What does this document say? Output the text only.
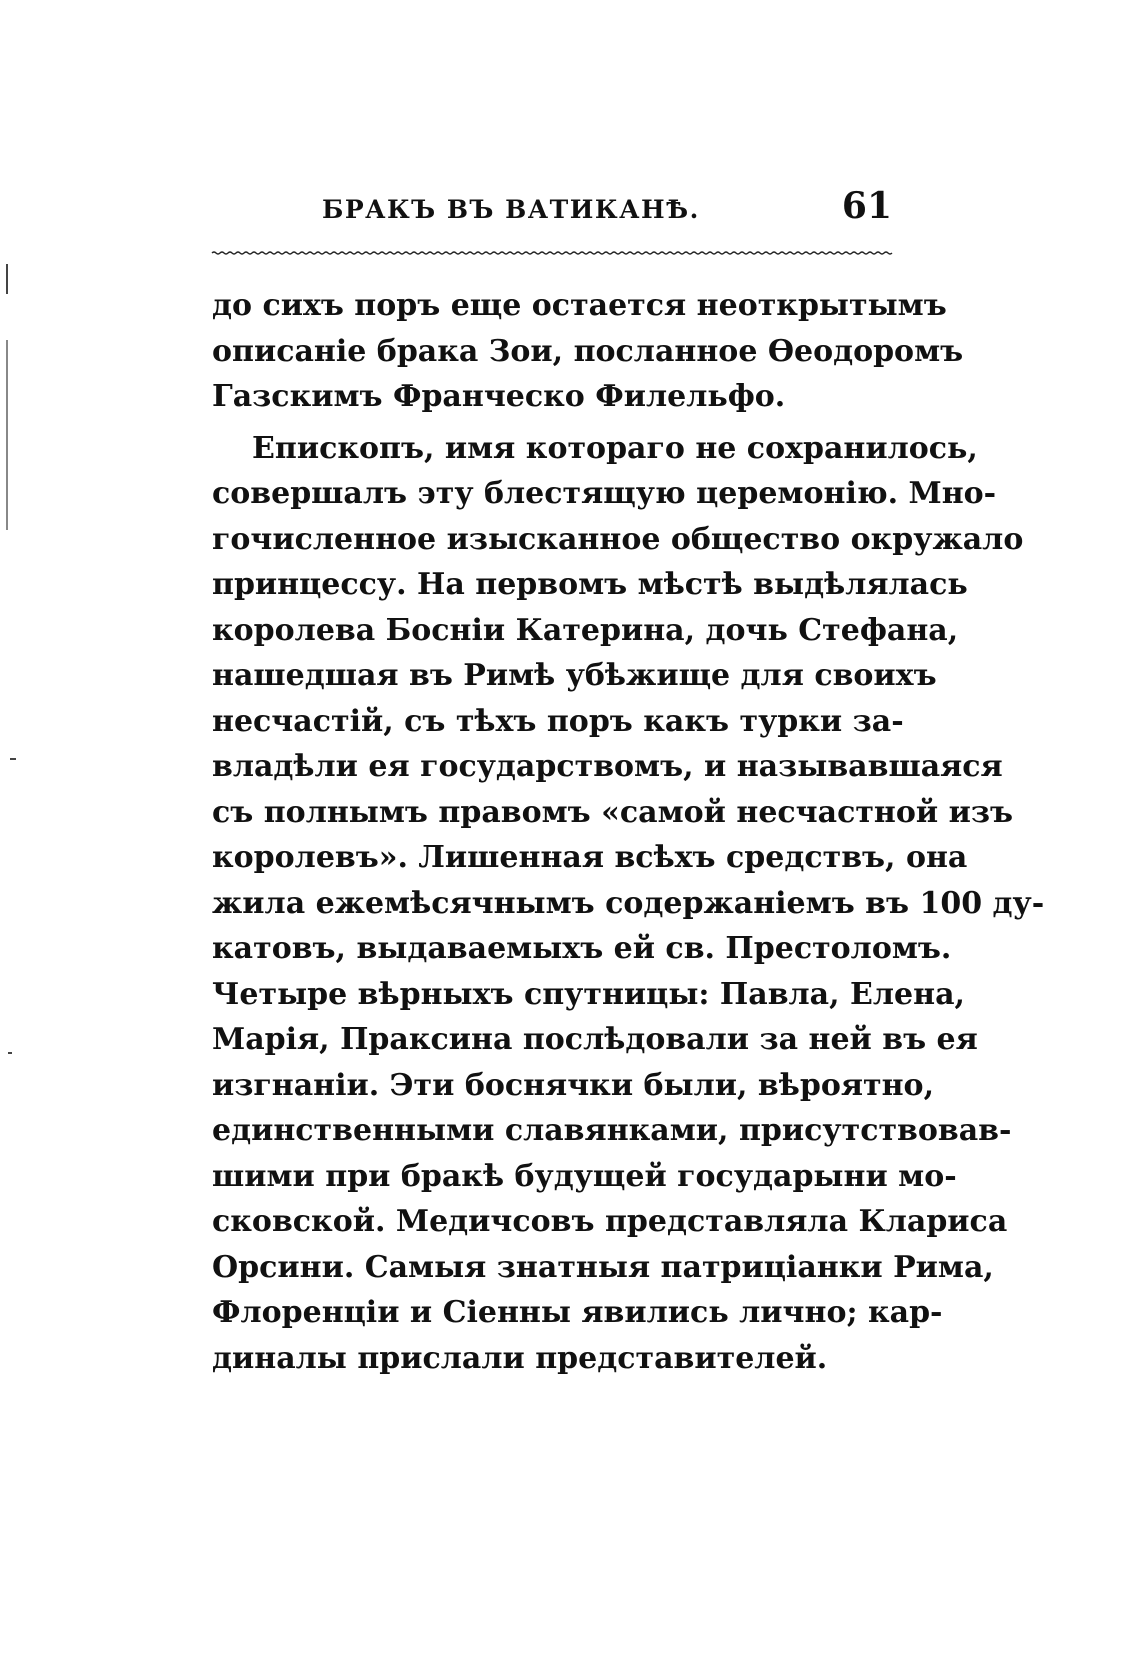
БРАКЪ ВЪ ВАТИКАНѢ.	61
до сихъ поръ еще остается неоткрытымъ
описаніе брака Зои, посланное Ѳеодоромъ
Газскимъ Франческо Филельфо.
Епископъ, имя котораго не сохранилось,
совершалъ эту блестящую церемонію. Мно-
гочисленное изысканное общество окружало
принцессу. На первомъ мѣстѣ выдѣлялась
королева Босніи Катерина, дочь Стефана,
нашедшая въ Римѣ убѣжище для своихъ
несчастій, съ тѣхъ поръ какъ турки за-
владѣли ея государствомъ, и называвшаяся
съ полнымъ правомъ «самой несчастной изъ
королевъ». Лишенная всѣхъ средствъ, она
жила ежемѣсячнымъ содержаніемъ въ 100 ду-
катовъ, выдаваемыхъ ей св. Престоломъ.
Четыре вѣрныхъ спутницы: Павла, Елена,
Марія, Праксина послѣдовали за ней въ ея
изгнаніи. Эти боснячки были, вѣроятно,
единственными славянками, присутствовав-
шими при бракѣ будущей государыни мо-
сковской. Медичсовъ представляла Клариса
Орсини. Самыя знатныя патриціанки Рима,
Флоренціи и Сіенны явились лично; кар-
диналы прислали представителей.
